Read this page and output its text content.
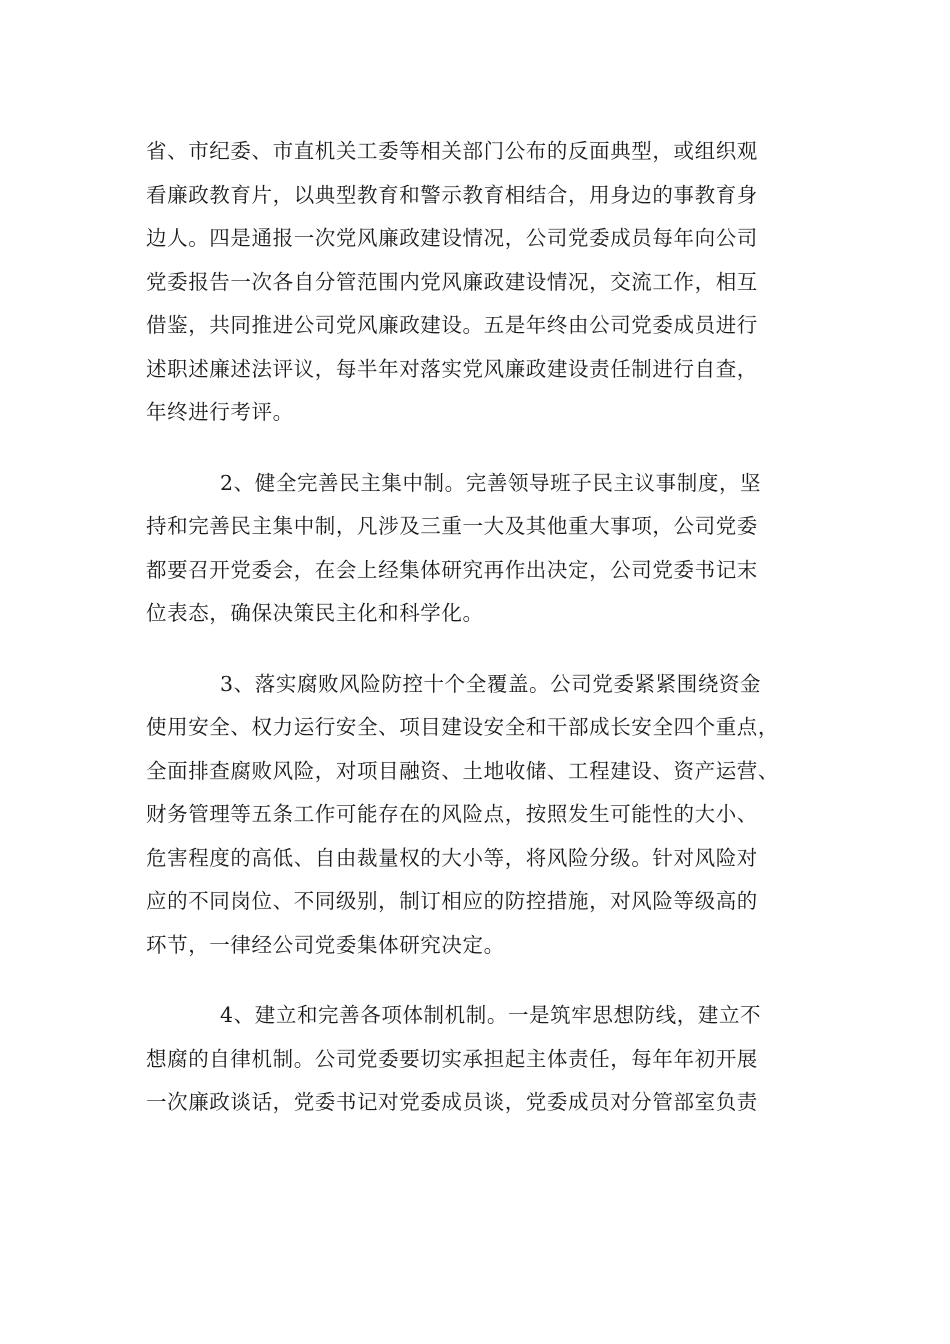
省、市纪委、市直机关工委等相关部门公布的反面典型，或组织观
看廉政教育片，以典型教育和警示教育相结合，用身边的事教育身
边人。四是通报一次党风廉政建设情况，公司党委成员每年向公司
党委报告一次各自分管范围内党风廉政建设情况，交流工作，相互
借鉴，共同推进公司党风廉政建设。五是年终由公司党委成员进行
述职述廉述法评议，每半年对落实党风廉政建设责任制进行自查，
年终进行考评。
2、健全完善民主集中制。完善领导班子民主议事制度，坚
持和完善民主集中制，凡涉及三重一大及其他重大事项，公司党委
都要召开党委会，在会上经集体研究再作出决定，公司党委书记末
位表态，确保决策民主化和科学化。
3、落实腐败风险防控十个全覆盖。公司党委紧紧围绕资金
使用安全、权力运行安全、项目建设安全和干部成长安全四个重点，
全面排查腐败风险，对项目融资、土地收储、工程建设、资产运营、
财务管理等五条工作可能存在的风险点，按照发生可能性的大小、
危害程度的高低、自由裁量权的大小等，将风险分级。针对风险对
应的不同岗位、不同级别，制订相应的防控措施，对风险等级高的
环节，一律经公司党委集体研究决定。
4、建立和完善各项体制机制。一是筑牢思想防线，建立不
想腐的自律机制。公司党委要切实承担起主体责任，每年年初开展
一次廉政谈话，党委书记对党委成员谈，党委成员对分管部室负责
